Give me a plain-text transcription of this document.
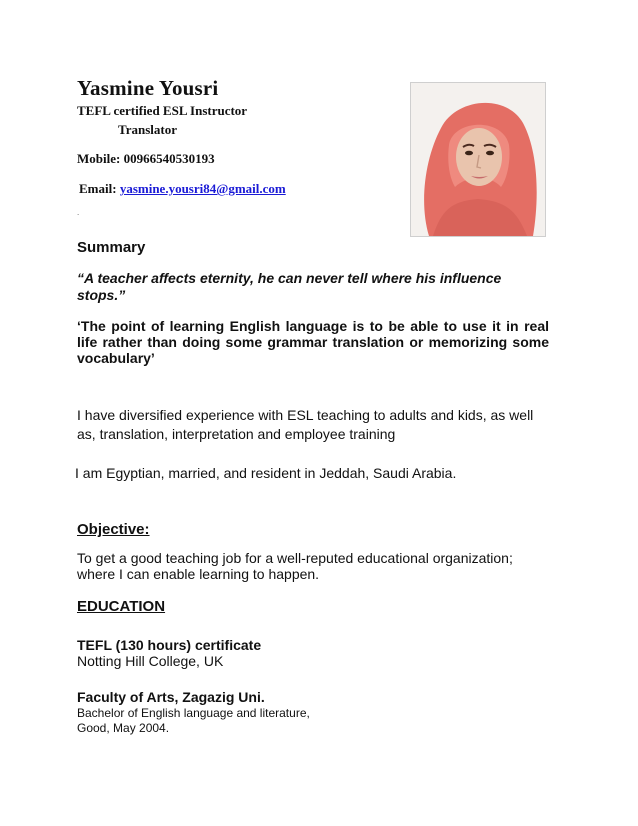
Yasmine Yousri
TEFL certified ESL Instructor
Translator
Mobile: 00966540530193
Email: yasmine.yousri84@gmail.com
.
Summary
“A teacher affects eternity, he can never tell where his influence stops.”
‘The point of learning English language is to be able to use it in real life rather than doing some grammar translation or memorizing some vocabulary’
I have diversified experience with ESL teaching to adults and kids, as well as, translation, interpretation and employee training
I am Egyptian, married, and resident in Jeddah, Saudi Arabia.
Objective:
To get a good teaching job for a well-reputed educational organization; where I can enable learning to happen.
EDUCATION
TEFL (130 hours) certificate
Notting Hill College, UK
Faculty of Arts, Zagazig Uni.
Bachelor of English language and literature,
Good, May 2004.
